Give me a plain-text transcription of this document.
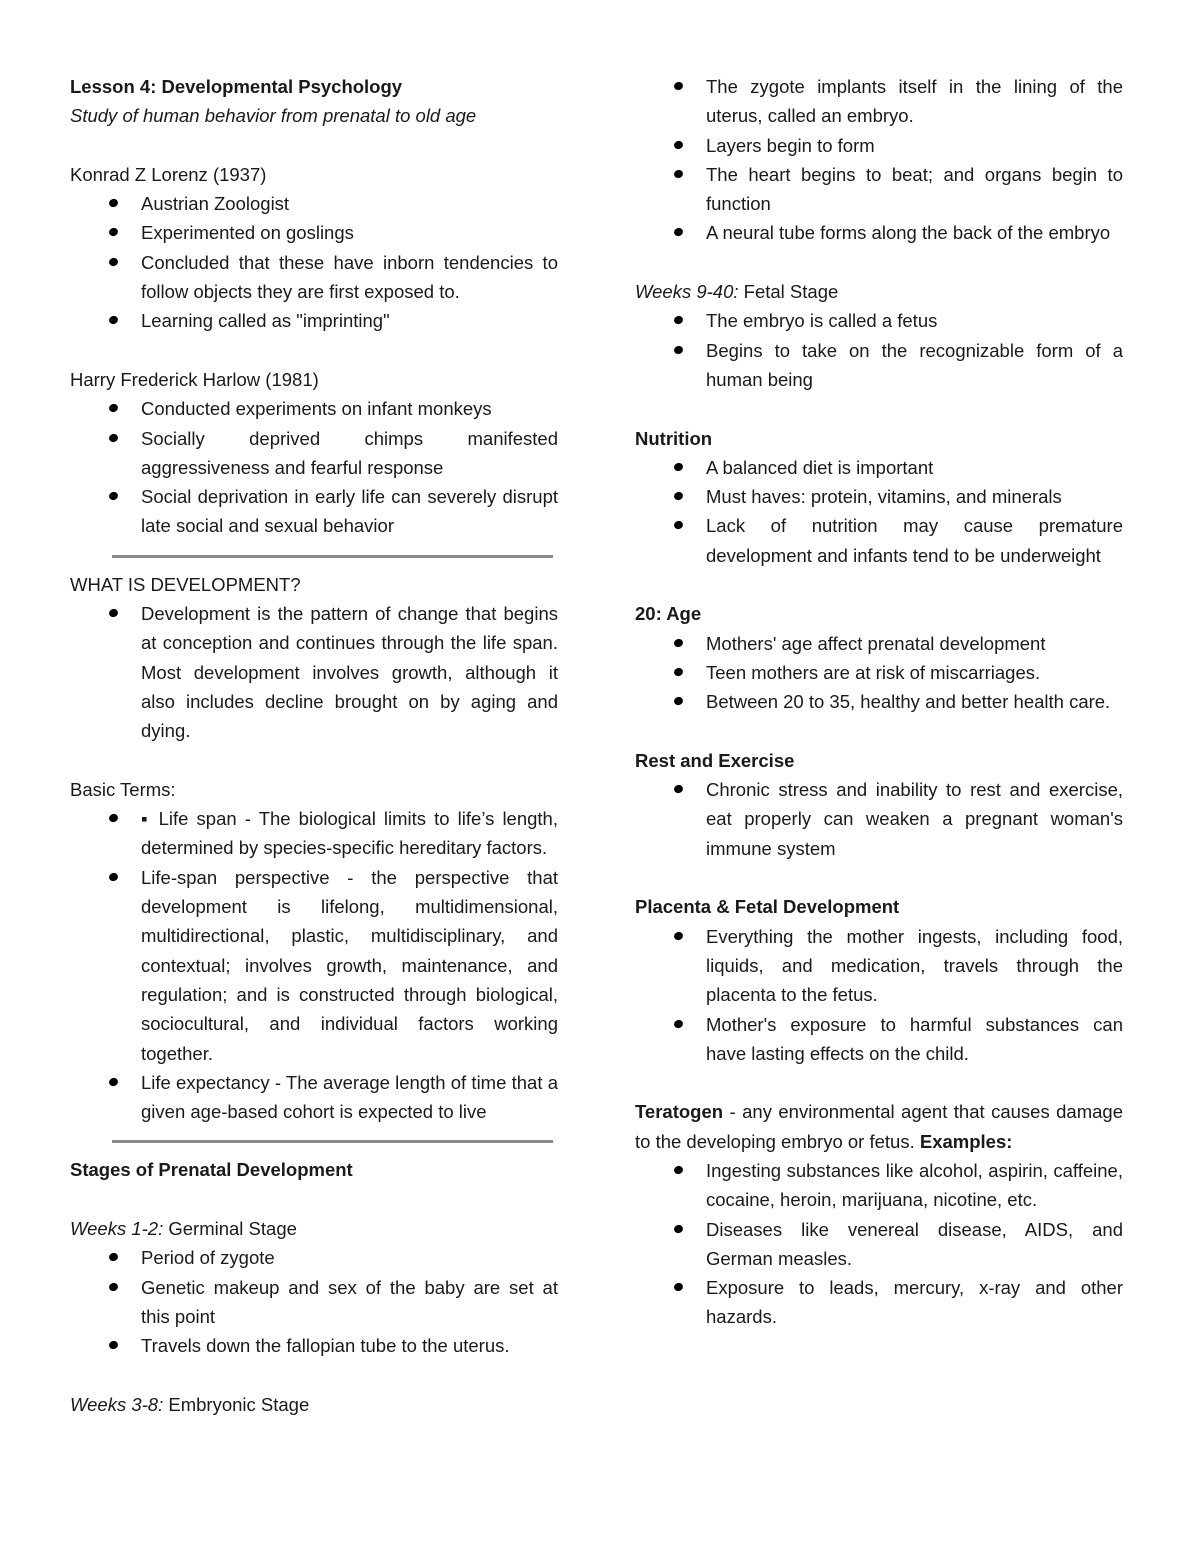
Lesson 4: Developmental Psychology

Study of human behavior from prenatal to old age

Konrad Z Lorenz (1937)

Austrian Zoologist
Experimented on goslings
Concluded that these have inborn tendencies to follow objects they are first exposed to.
Learning called as "imprinting"

Harry Frederick Harlow (1981)

Conducted experiments on infant monkeys
Socially deprived chimps manifested aggressiveness and fearful response
Social deprivation in early life can severely disrupt late social and sexual behavior

WHAT IS DEVELOPMENT?

Development is the pattern of change that begins at conception and continues through the life span. Most development involves growth, although it also includes decline brought on by aging and dying.

Basic Terms:

▪ Life span - The biological limits to life’s length, determined by species-specific hereditary factors.
Life-span perspective - the perspective that development is lifelong, multidimensional, multidirectional, plastic, multidisciplinary, and contextual; involves growth, maintenance, and regulation; and is constructed through biological, sociocultural, and individual factors working together.
Life expectancy - The average length of time that a given age-based cohort is expected to live

Stages of Prenatal Development

Weeks 1-2: Germinal Stage

Period of zygote
Genetic makeup and sex of the baby are set at this point
Travels down the fallopian tube to the uterus.

Weeks 3-8: Embryonic Stage

The zygote implants itself in the lining of the uterus, called an embryo.
Layers begin to form
The heart begins to beat; and organs begin to function
A neural tube forms along the back of the embryo

Weeks 9-40: Fetal Stage

The embryo is called a fetus
Begins to take on the recognizable form of a human being

Nutrition

A balanced diet is important
Must haves: protein, vitamins, and minerals
Lack of nutrition may cause premature development and infants tend to be underweight

20: Age

Mothers' age affect prenatal development
Teen mothers are at risk of miscarriages.
Between 20 to 35, healthy and better health care.

Rest and Exercise

Chronic stress and inability to rest and exercise, eat properly can weaken a pregnant woman's immune system

Placenta & Fetal Development

Everything the mother ingests, including food, liquids, and medication, travels through the placenta to the fetus.
Mother's exposure to harmful substances can have lasting effects on the child.

Teratogen - any environmental agent that causes damage to the developing embryo or fetus. Examples:

Ingesting substances like alcohol, aspirin, caffeine, cocaine, heroin, marijuana, nicotine, etc.
Diseases like venereal disease, AIDS, and German measles.
Exposure to leads, mercury, x-ray and other hazards.
